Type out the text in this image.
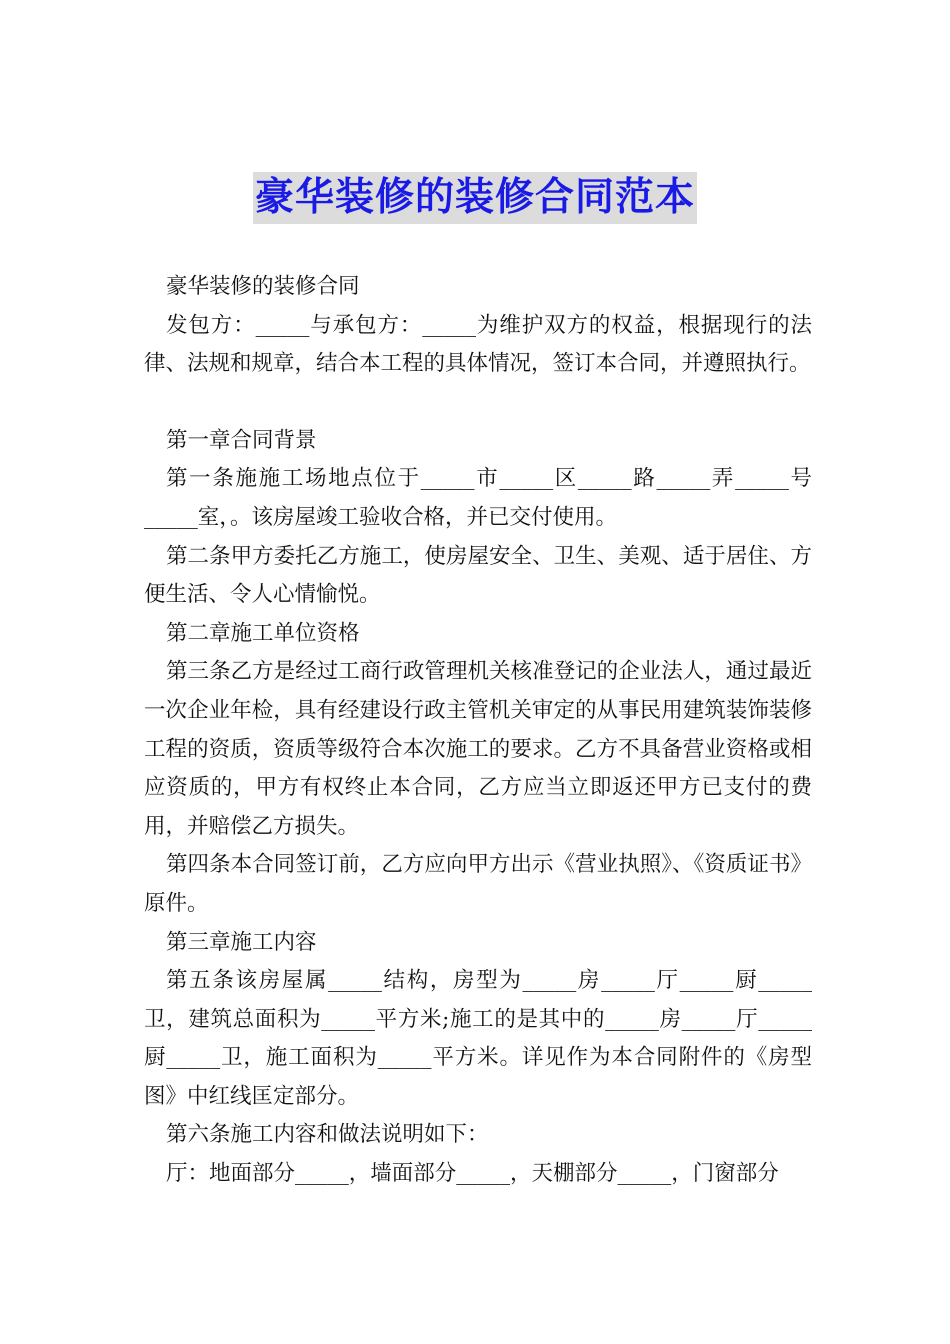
豪华装修的装修合同范本

豪华装修的装修合同

发包方：_____与承包方：_____为维护双方的权益，根据现行的法律、法规和规章，结合本工程的具体情况，签订本合同，并遵照执行。

第一章合同背景

第一条施施工场地点位于_____市_____区_____路_____弄_____号_____室，。该房屋竣工验收合格，并已交付使用。

第二条甲方委托乙方施工，使房屋安全、卫生、美观、适于居住、方便生活、令人心情愉悦。

第二章施工单位资格

第三条乙方是经过工商行政管理机关核准登记的企业法人，通过最近一次企业年检，具有经建设行政主管机关审定的从事民用建筑装饰装修工程的资质，资质等级符合本次施工的要求。乙方不具备营业资格或相应资质的，甲方有权终止本合同，乙方应当立即返还甲方已支付的费用，并赔偿乙方损失。

第四条本合同签订前，乙方应向甲方出示《营业执照》、《资质证书》原件。

第三章施工内容

第五条该房屋属_____结构，房型为_____房_____厅_____厨_____卫，建筑总面积为_____平方米;施工的是其中的_____房_____厅_____厨_____卫，施工面积为_____平方米。详见作为本合同附件的《房型图》中红线匡定部分。

第六条施工内容和做法说明如下：

厅：地面部分_____，墙面部分_____，天棚部分_____，门窗部分
